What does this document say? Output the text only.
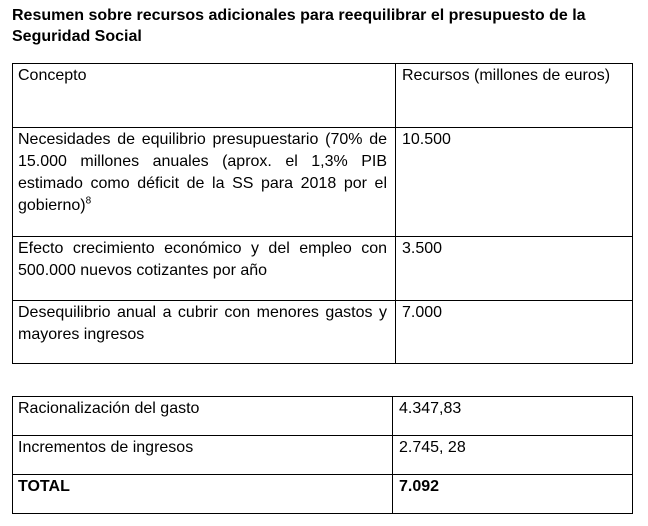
Resumen sobre recursos adicionales para reequilibrar el presupuesto de la Seguridad Social

Concepto	Recursos (millones de euros)
Necesidades de equilibrio presupuestario (70% de 15.000 millones anuales (aprox. el 1,3% PIB estimado como déficit de la SS para 2018 por el gobierno)$^8$	10.500
Efecto crecimiento económico y del empleo con 500.000 nuevos cotizantes por año	3.500
Desequilibrio anual a cubrir con menores gastos y mayores ingresos	7.000
Racionalización del gasto	4.347,83
Incrementos de ingresos	2.745, 28
TOTAL	7.092
